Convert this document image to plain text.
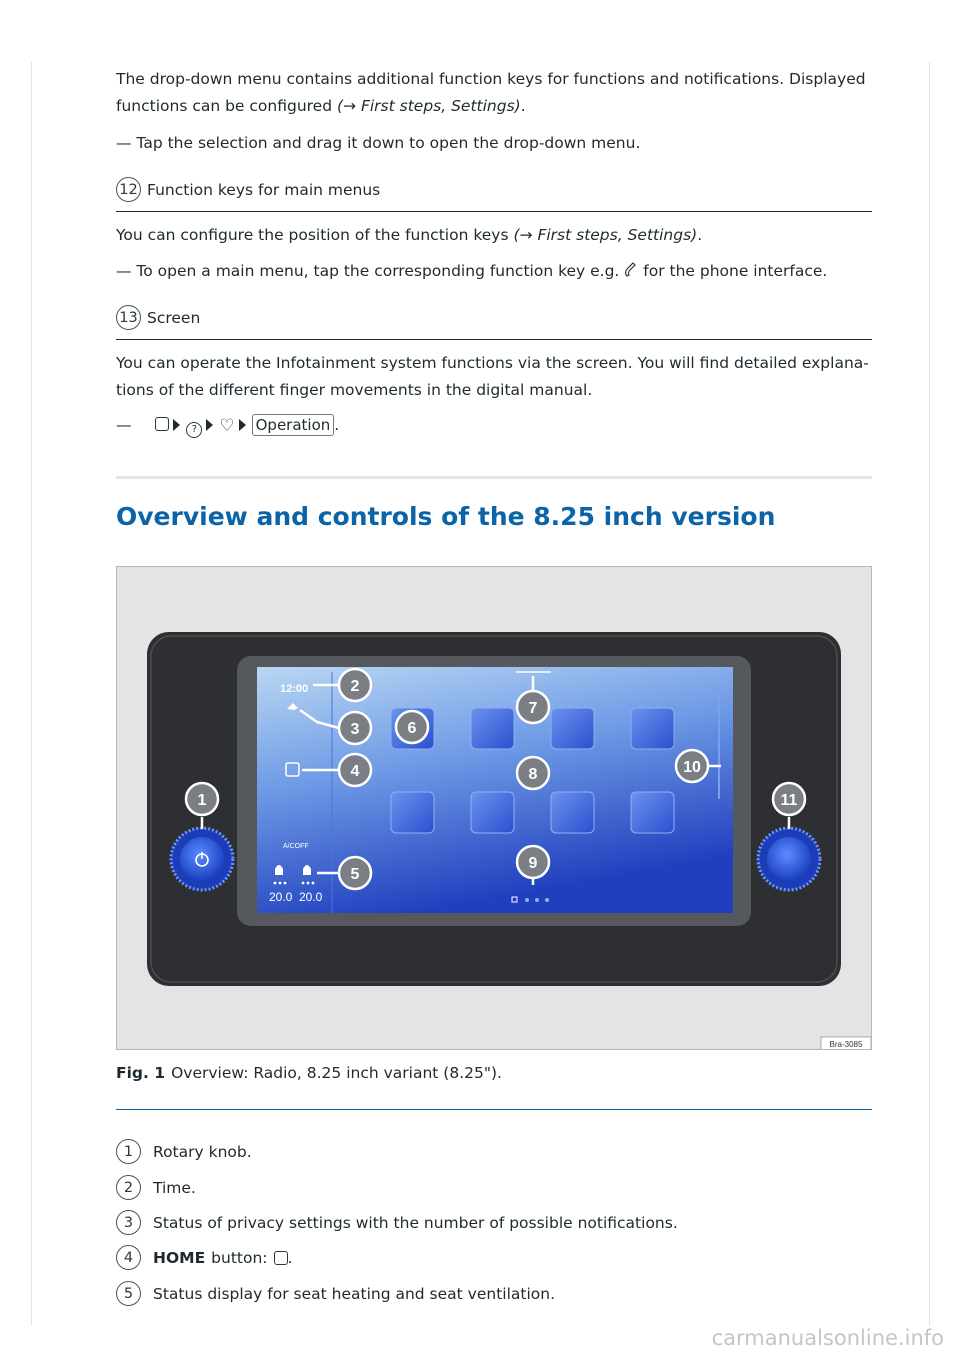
The drop-down menu contains additional function keys for functions and notifications. Displayed functions can be configured (→ First steps, Settings).

— Tap the selection and drag it down to open the drop-down menu.

12 Function keys for main menus

You can configure the position of the function keys (→ First steps, Settings).

— To open a main menu, tap the corresponding function key e.g. for the phone interface.

13 Screen

You can operate the Infotainment system functions via the screen. You will find detailed explana-tions of the different finger movements in the digital manual.

—	? ♡ Operation .

Overview and controls of the 8.25 inch version
12:00
A/COFF
20.0 20.0
1
2
3
4
5
6
7
8
9
10
11
Bra-3085
Fig. 1 Overview: Radio, 8.25 inch variant (8.25").
1	Rotary knob.
2	Time.
3	Status of privacy settings with the number of possible notifications.
4	HOME button: .
5	Status display for seat heating and seat ventilation.
carmanualsonline.info
